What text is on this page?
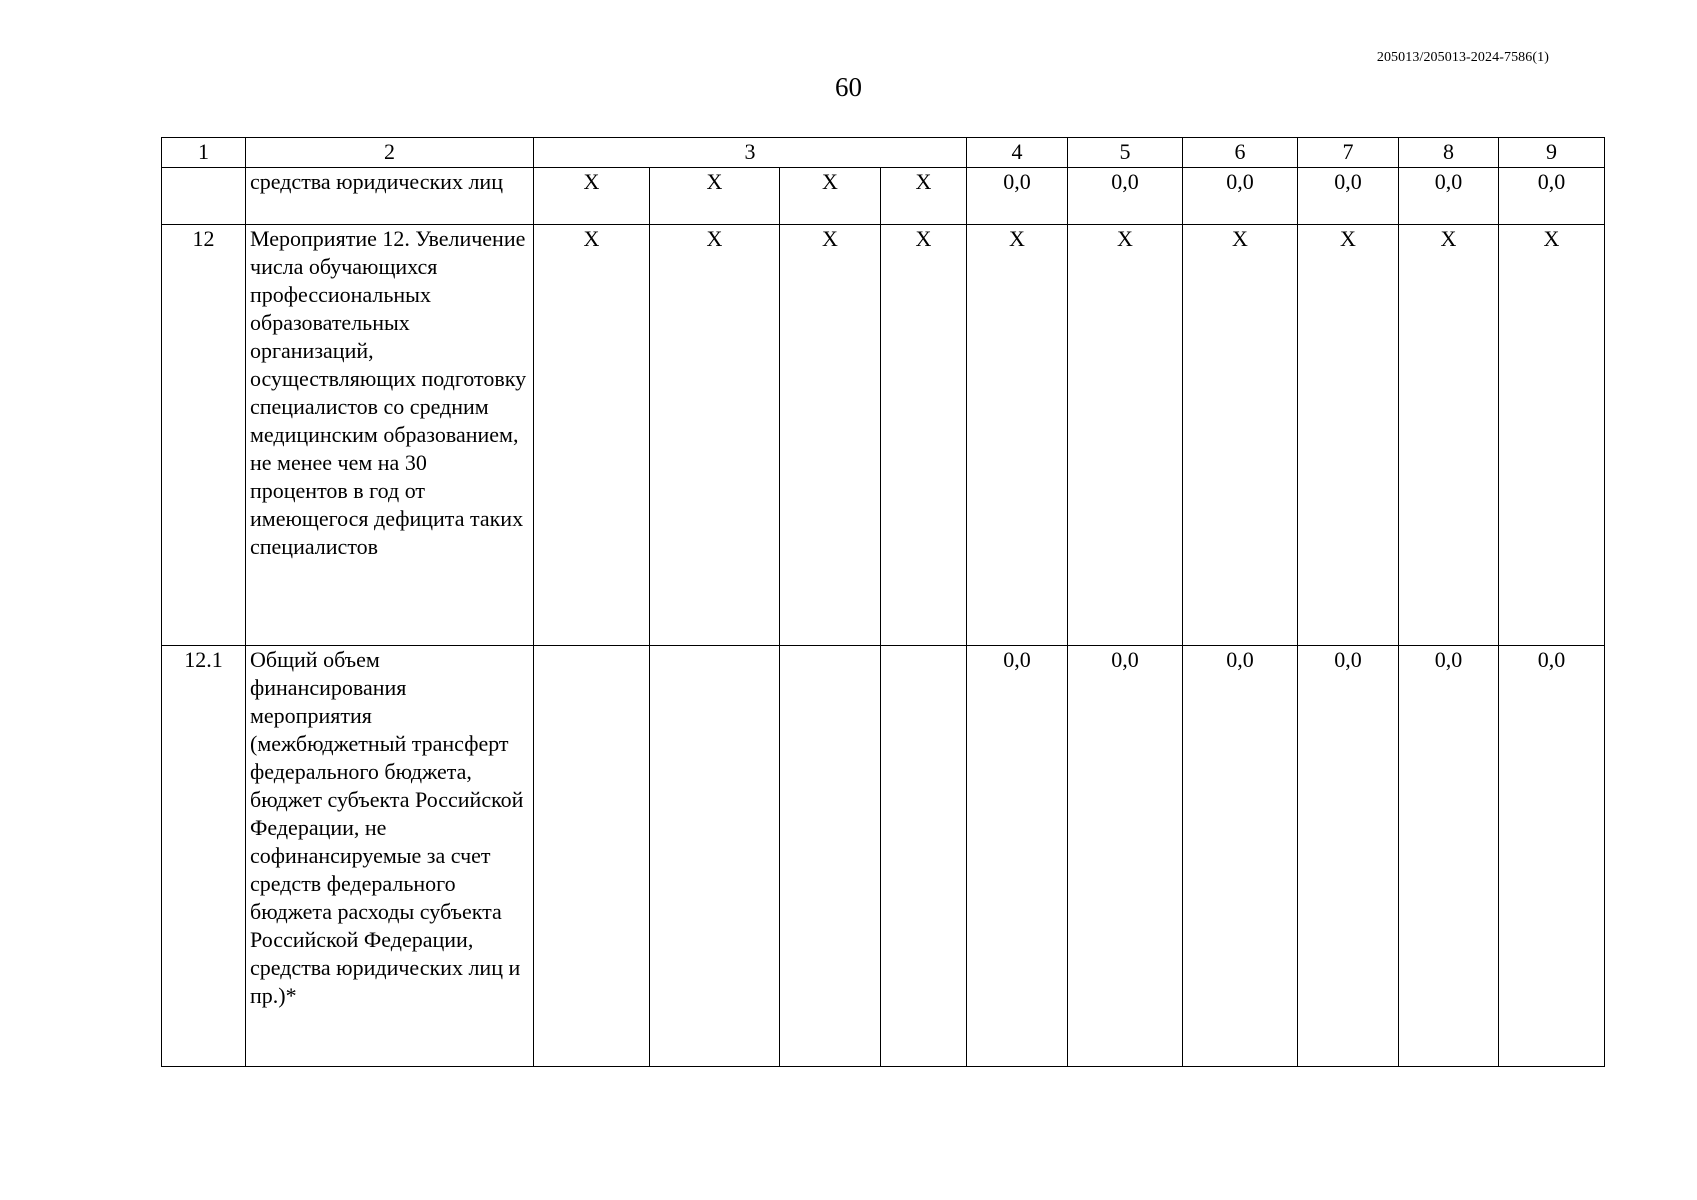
205013/205013-2024-7586(1)
60
1	2	3				4	5	6	7	8	9
	средства юридических лиц	Х	Х	Х	Х	0,0	0,0	0,0	0,0	0,0	0,0
12	Мероприятие 12. Увеличение числа обучающихся профессиональных образовательных организаций, осуществляющих подготовку специалистов со средним медицинским образованием, не менее чем на 30 процентов в год от имеющегося дефицита таких специалистов	Х	Х	Х	Х	Х	Х	Х	Х	Х	Х
12.1	Общий объем финансирования мероприятия (межбюджетный трансферт федерального бюджета, бюджет субъекта Российской Федерации, не софинансируемые за счет средств федерального бюджета расходы субъекта Российской Федерации, средства юридических лиц и пр.)*					0,0	0,0	0,0	0,0	0,0	0,0
